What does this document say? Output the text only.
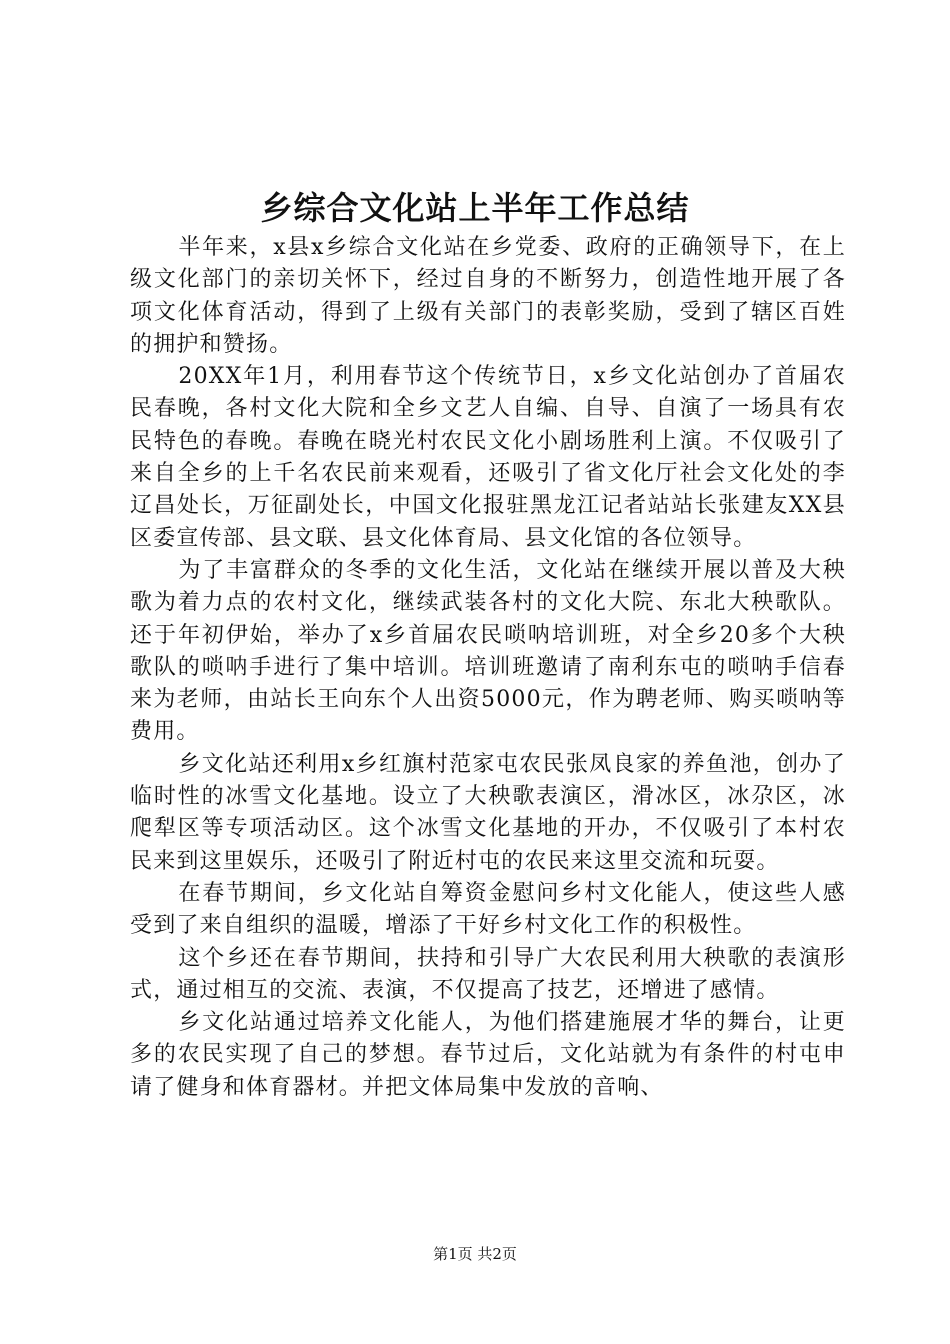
乡综合文化站上半年工作总结

半年来，x县x乡综合文化站在乡党委、政府的正确领导下，在上级文化部门的亲切关怀下，经过自身的不断努力，创造性地开展了各项文化体育活动，得到了上级有关部门的表彰奖励，受到了辖区百姓的拥护和赞扬。

20XX年1月，利用春节这个传统节日，x乡文化站创办了首届农民春晚，各村文化大院和全乡文艺人自编、自导、自演了一场具有农民特色的春晚。春晚在晓光村农民文化小剧场胜利上演。不仅吸引了来自全乡的上千名农民前来观看，还吸引了省文化厅社会文化处的李辽昌处长，万征副处长，中国文化报驻黑龙江记者站站长张建友XX县区委宣传部、县文联、县文化体育局、县文化馆的各位领导。

为了丰富群众的冬季的文化生活，文化站在继续开展以普及大秧歌为着力点的农村文化，继续武装各村的文化大院、东北大秧歌队。还于年初伊始，举办了x乡首届农民唢呐培训班，对全乡20多个大秧歌队的唢呐手进行了集中培训。培训班邀请了南利东屯的唢呐手信春来为老师，由站长王向东个人出资5000元，作为聘老师、购买唢呐等费用。

乡文化站还利用x乡红旗村范家屯农民张凤良家的养鱼池，创办了临时性的冰雪文化基地。设立了大秧歌表演区，滑冰区，冰尕区，冰爬犁区等专项活动区。这个冰雪文化基地的开办，不仅吸引了本村农民来到这里娱乐，还吸引了附近村屯的农民来这里交流和玩耍。

在春节期间，乡文化站自筹资金慰问乡村文化能人，使这些人感受到了来自组织的温暖，增添了干好乡村文化工作的积极性。

这个乡还在春节期间，扶持和引导广大农民利用大秧歌的表演形式，通过相互的交流、表演，不仅提高了技艺，还增进了感情。

乡文化站通过培养文化能人，为他们搭建施展才华的舞台，让更多的农民实现了自己的梦想。春节过后，文化站就为有条件的村屯申请了健身和体育器材。并把文体局集中发放的音响、

第1页 共2页
